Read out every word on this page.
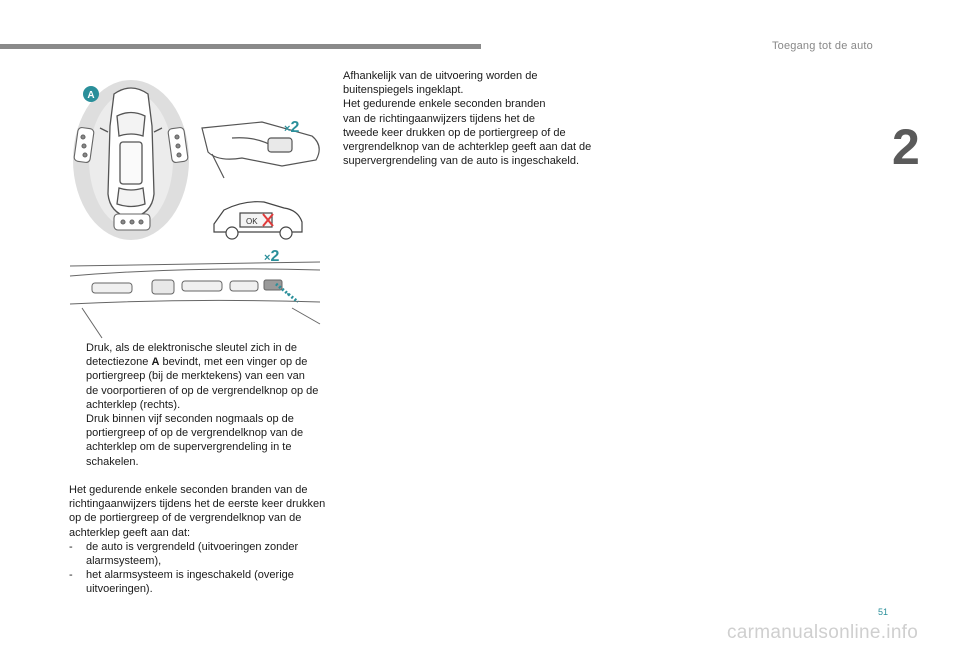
Toegang tot de auto
2
A
×2
OK
×2
Afhankelijk van de uitvoering worden de
buitenspiegels ingeklapt.
Het gedurende enkele seconden branden
van de richtingaanwijzers tijdens het de
tweede keer drukken op de portiergreep of de
vergrendelknop van de achterklep geeft aan dat de
supervergrendeling van de auto is ingeschakeld.
Druk, als de elektronische sleutel zich in de
detectiezone A bevindt, met een vinger op de
portiergreep (bij de merktekens) van een van
de voorportieren of op de vergrendelknop op de
achterklep (rechts).
Druk binnen vijf seconden nogmaals op de
portiergreep of op de vergrendelknop van de
achterklep om de supervergrendeling in te
schakelen.
Het gedurende enkele seconden branden van de
richtingaanwijzers tijdens het de eerste keer drukken
op de portiergreep of de vergrendelknop van de
achterklep geeft aan dat:
- de auto is vergrendeld (uitvoeringen zonder
alarmsysteem),
- het alarmsysteem is ingeschakeld (overige
uitvoeringen).
51
carmanualsonline.info
